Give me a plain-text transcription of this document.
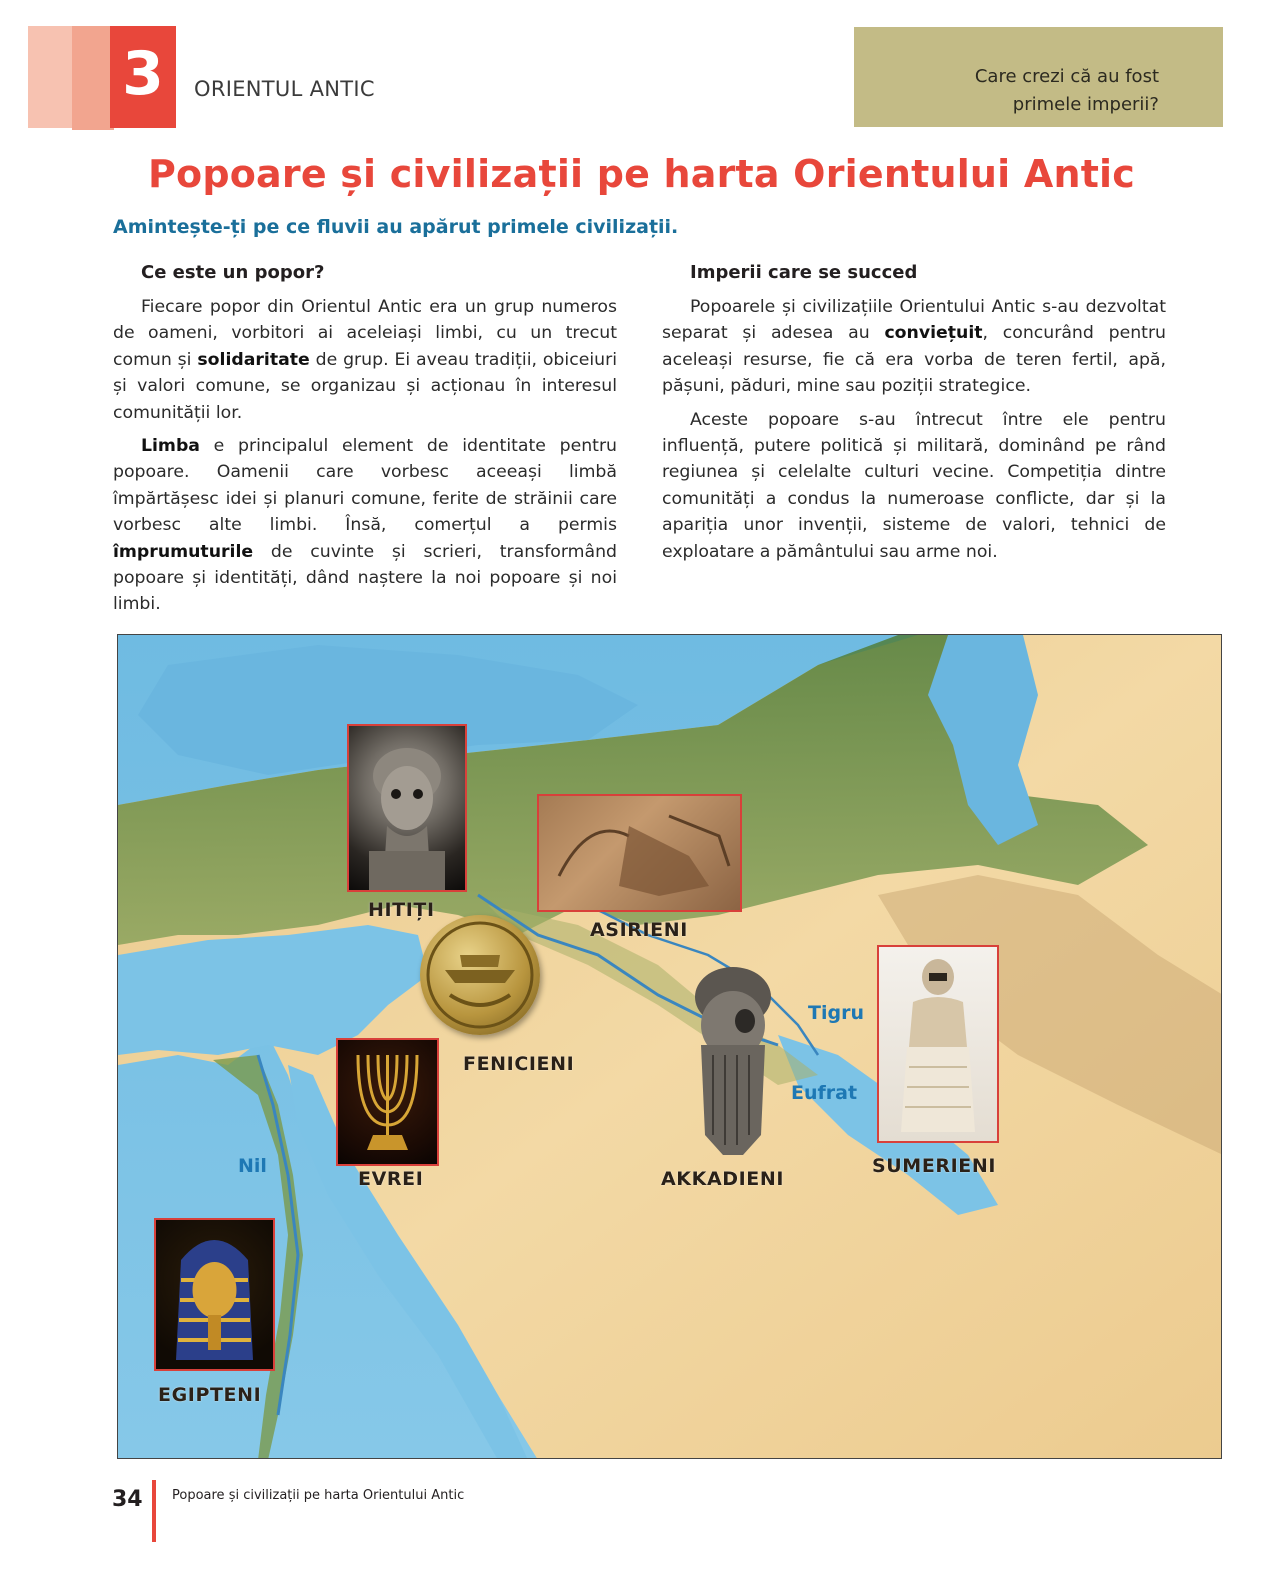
3	ORIENTUL ANTIC
Care crezi că au fost
primele imperii?
Popoare și civilizații pe harta Orientului Antic
Amintește-ți pe ce fluvii au apărut primele civilizații.
Ce este un popor?

Fiecare popor din Orientul Antic era un grup numeros de oameni, vorbitori ai aceleiași limbi, cu un trecut comun și solidaritate de grup. Ei aveau tradiții, obiceiuri și valori comune, se organizau și acționau în interesul comunității lor.

Limba e principalul element de identitate pentru popoare. Oamenii care vorbesc aceeași limbă împărtășesc idei și planuri comune, ferite de străinii care vorbesc alte limbi. Însă, comerțul a permis împrumuturile de cuvinte și scrieri, transformând popoare și identități, dând naștere la noi popoare și noi limbi.

Imperii care se succed

Popoarele și civilizațiile Orientului Antic s-au dezvoltat separat și adesea au conviețuit, concurând pentru aceleași resurse, fie că era vorba de teren fertil, apă, pășuni, păduri, mine sau poziții strategice.

Aceste popoare s-au întrecut între ele pentru influență, putere politică și militară, dominând pe rând regiunea și celelalte culturi vecine. Competiția dintre comunități a condus la numeroase conflicte, dar și la apariția unor invenții, sisteme de valori, tehnici de exploatare a pământului sau arme noi.

HITIȚI
ASIRIENI
FENICIENI
EVREI	AKKADIENI
SUMERIENI
EGIPTENI
Nil
Tigru
Eufrat
34 Popoare și civilizații pe harta Orientului Antic
